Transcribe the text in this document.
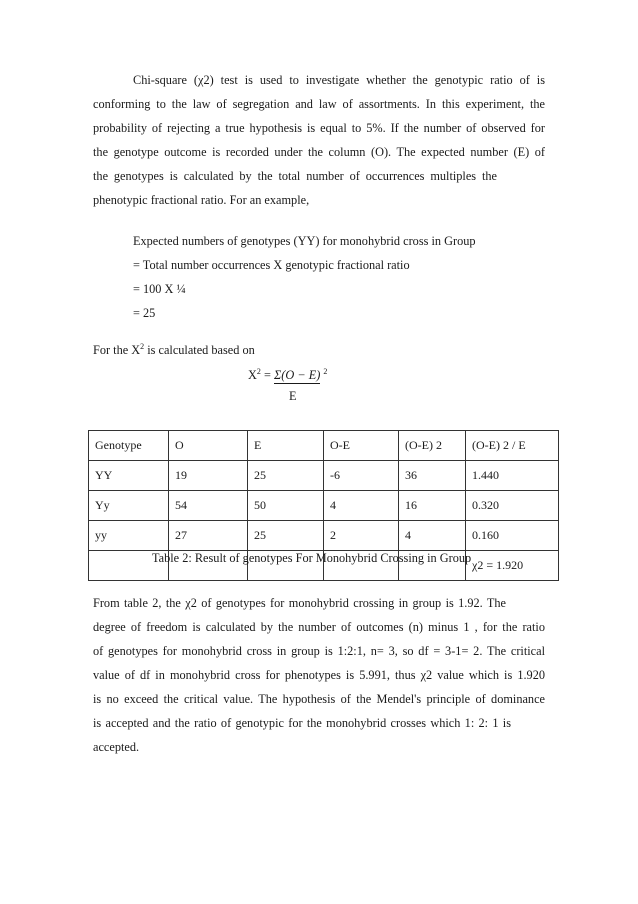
Chi-square (χ2) test is used to investigate whether the genotypic ratio of is
conforming to the law of segregation and law of assortments. In this experiment, the
probability of rejecting a true hypothesis is equal to 5%. If the number of observed for
the genotype outcome is recorded under the column (O). The expected number (E) of
the genotypes is calculated by the total number of occurrences multiples the
phenotypic fractional ratio. For an example,
Expected numbers of genotypes (YY) for monohybrid cross in Group
= Total number occurrences X genotypic fractional ratio
= 100 X ¼
= 25
For the $X^2$ is calculated based on
$X^2 = \Sigma(O - E)$ $^2$
E
Genotype	O	E	O-E	(O-E) 2	(O-E) 2 / E
YY	19	25	-6	36	1.440
Yy	54	50	4	16	0.320
yy	27	25	2	4	0.160
					χ2 = 1.920
Table 2: Result of genotypes For Monohybrid Crossing in Group
From table 2, the χ2 of genotypes for monohybrid crossing in group is 1.92. The
degree of freedom is calculated by the number of outcomes (n) minus 1 , for the ratio
of genotypes for monohybrid cross in group is 1:2:1, n= 3, so df = 3-1= 2. The critical
value of df in monohybrid cross for phenotypes is 5.991, thus χ2 value which is 1.920
is no exceed the critical value. The hypothesis of the Mendel's principle of dominance
is accepted and the ratio of genotypic for the monohybrid crosses which 1: 2: 1 is
accepted.
